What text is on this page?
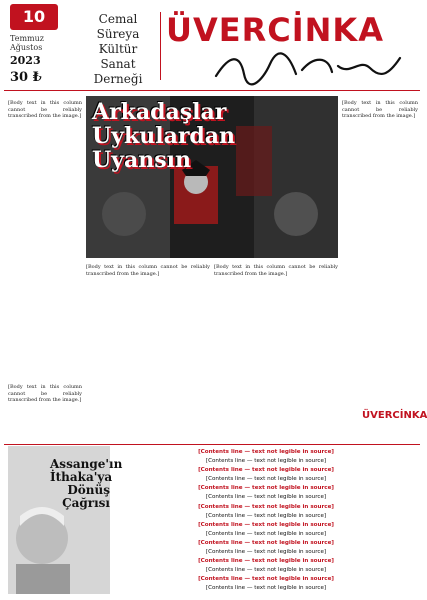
10
Temmuz Ağustos
2023
30 ₺
Cemal
Süreya
Kültür
Sanat
Derneği
ÜVERCİNKA
[Body text in this column cannot be reliably transcribed from the image.] Arkadaşlar
Uykulardan
Uyansın
[Body text in this column cannot be reliably transcribed from the image.]
[Body text in this column cannot be reliably transcribed from the image.]
[Body text in this column cannot be reliably transcribed from the image.]
[Body text in this column cannot be reliably transcribed from the image.]
ÜVERCİNKA
Assange'ın
İthaka'ya
Dönüş
Çağrısı
[Contents line — text not legible in source]
[Contents line — text not legible in source]
[Contents line — text not legible in source]
[Contents line — text not legible in source]
[Contents line — text not legible in source]
[Contents line — text not legible in source]
[Contents line — text not legible in source]
[Contents line — text not legible in source]
[Contents line — text not legible in source]
[Contents line — text not legible in source]
[Contents line — text not legible in source]
[Contents line — text not legible in source]
[Contents line — text not legible in source]
[Contents line — text not legible in source]
[Contents line — text not legible in source]
[Contents line — text not legible in source]
